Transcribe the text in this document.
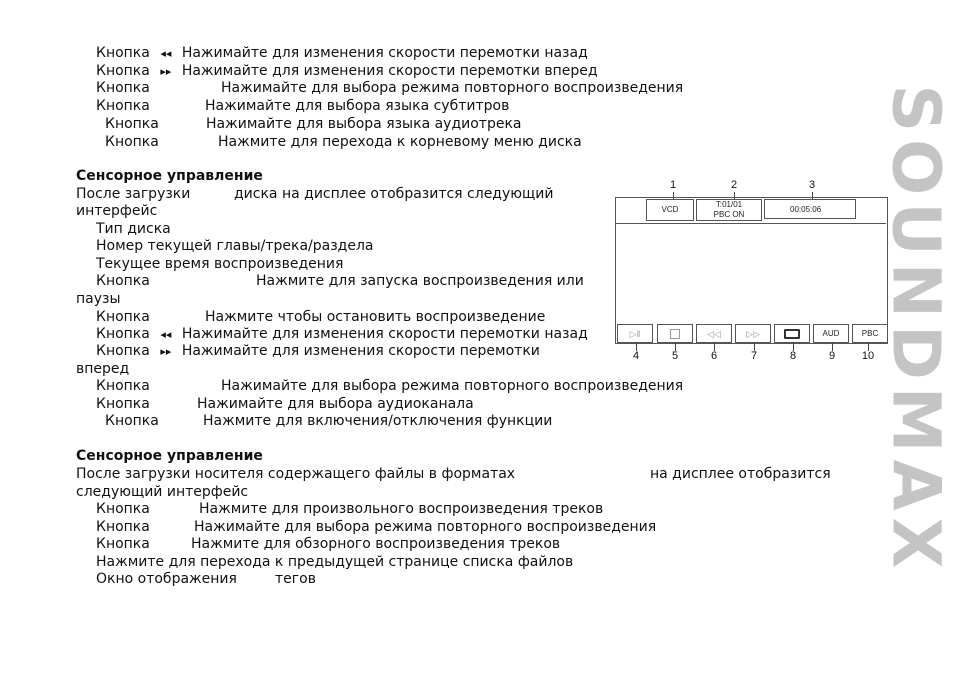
Кнопка ◂◂ Нажимайте для изменения скорости перемотки назад
Кнопка ▸▸ Нажимайте для изменения скорости перемотки вперед
Кнопка	Нажимайте для выбора режима повторного воспроизведения
Кнопка	Нажимайте для выбора языка субтитров
Кнопка	Нажимайте для выбора языка аудиотрека
Кнопка	Нажмите для перехода к корневому меню диска
Сенсорное управление
После загрузки	диска на дисплее отобразится следующий
интерфейс
Тип диска
Номер текущей главы/трека/раздела
Текущее время воспроизведения
Кнопка	Нажмите для запуска воспроизведения или
паузы
Кнопка	Нажмите чтобы остановить воспроизведение
Кнопка ◂◂ Нажимайте для изменения скорости перемотки назад
Кнопка ▸▸ Нажимайте для изменения скорости перемотки
вперед
Кнопка	Нажимайте для выбора режима повторного воспроизведения
Кнопка	Нажимайте для выбора аудиоканала
Кнопка	Нажмите для включения/отключения функции
Сенсорное управление
После загрузки носителя содержащего файлы в форматах	на дисплее отобразится
следующий интерфейс
Кнопка	Нажмите для произвольного воспроизведения треков
Кнопка	Нажимайте для выбора режима повторного воспроизведения
Кнопка	Нажмите для обзорного воспроизведения треков
Нажмите для перехода к предыдущей странице списка файлов
Окно отображения	тегов
1	2	3
VCD
T:01/01
PBC ON
00:05:06
▷‖	◁◁	▷▷	AUD	PBC
4	5	6	7	8	9	10 SOUNDMAX
